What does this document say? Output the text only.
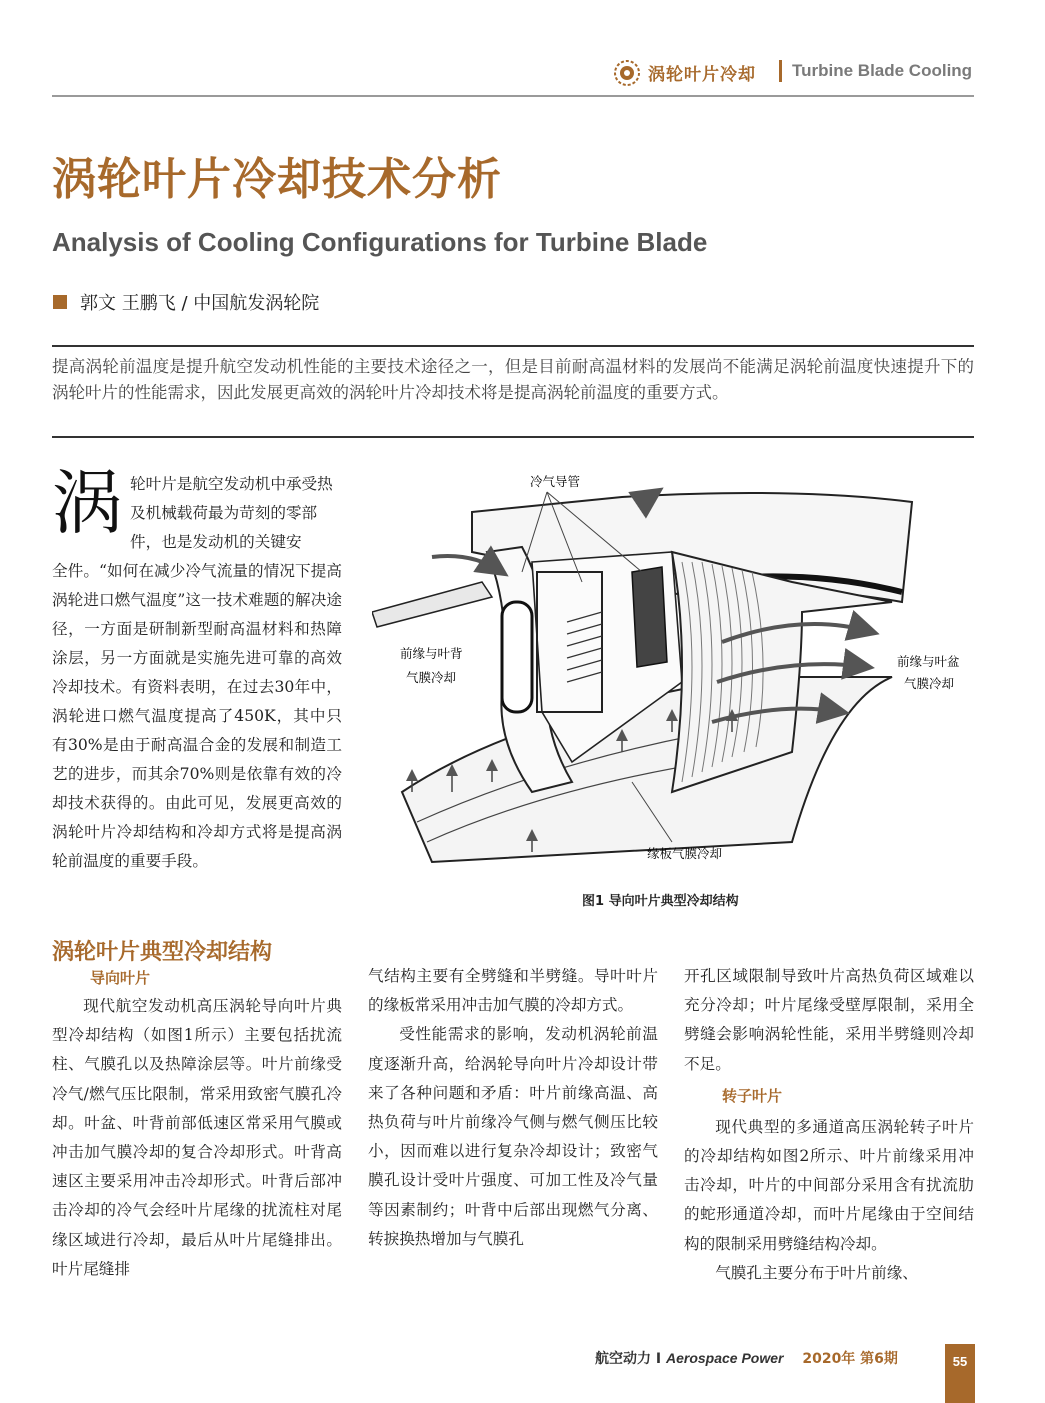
涡轮叶片冷却 Turbine Blade Cooling
涡轮叶片冷却技术分析
Analysis of Cooling Configurations for Turbine Blade
郭文 王鹏飞 / 中国航发涡轮院
提高涡轮前温度是提升航空发动机性能的主要技术途径之一，但是目前耐高温材料的发展尚不能满足涡轮前温度快速提升下的涡轮叶片的性能需求，因此发展更高效的涡轮叶片冷却技术将是提高涡轮前温度的重要方式。
涡 轮叶片是航空发动机中承受热及机械载荷最为苛刻的零部件，也是发动机的关键安
全件。“如何在减少冷气流量的情况下提高涡轮进口燃气温度”这一技术难题的解决途径，一方面是研制新型耐高温材料和热障涂层，另一方面就是实施先进可靠的高效冷却技术。有资料表明，在过去30年中，涡轮进口燃气温度提高了450K，其中只有30%是由于耐高温合金的发展和制造工艺的进步，而其余70%则是依靠有效的冷却技术获得的。由此可见，发展更高效的涡轮叶片冷却结构和冷却方式将是提高涡轮前温度的重要手段。
冷气导管
前缘与叶背
气膜冷却
前缘与叶盆
气膜冷却
缘板气膜冷却
图1 导向叶片典型冷却结构
涡轮叶片典型冷却结构
导向叶片

现代航空发动机高压涡轮导向叶片典型冷却结构（如图1所示）主要包括扰流柱、气膜孔以及热障涂层等。叶片前缘受冷气/燃气压比限制，常采用致密气膜孔冷却。叶盆、叶背前部低速区常采用气膜或冲击加气膜冷却的复合冷却形式。叶背高速区主要采用冲击冷却形式。叶背后部冲击冷却的冷气会经叶片尾缘的扰流柱对尾缘区域进行冷却，最后从叶片尾缝排出。叶片尾缝排

气结构主要有全劈缝和半劈缝。导叶叶片的缘板常采用冲击加气膜的冷却方式。

受性能需求的影响，发动机涡轮前温度逐渐升高，给涡轮导向叶片冷却设计带来了各种问题和矛盾：叶片前缘高温、高热负荷与叶片前缘冷气侧与燃气侧压比较小，因而难以进行复杂冷却设计；致密气膜孔设计受叶片强度、可加工性及冷气量等因素制约；叶背中后部出现燃气分离、转捩换热增加与气膜孔

开孔区域限制导致叶片高热负荷区域难以充分冷却；叶片尾缘受壁厚限制，采用全劈缝会影响涡轮性能，采用半劈缝则冷却不足。

转子叶片

现代典型的多通道高压涡轮转子叶片的冷却结构如图2所示、叶片前缘采用冲击冷却，叶片的中间部分采用含有扰流肋的蛇形通道冷却，而叶片尾缘由于空间结构的限制采用劈缝结构冷却。

气膜孔主要分布于叶片前缘、

航空动力 I Aerospace Power 2020年 第6期	55
